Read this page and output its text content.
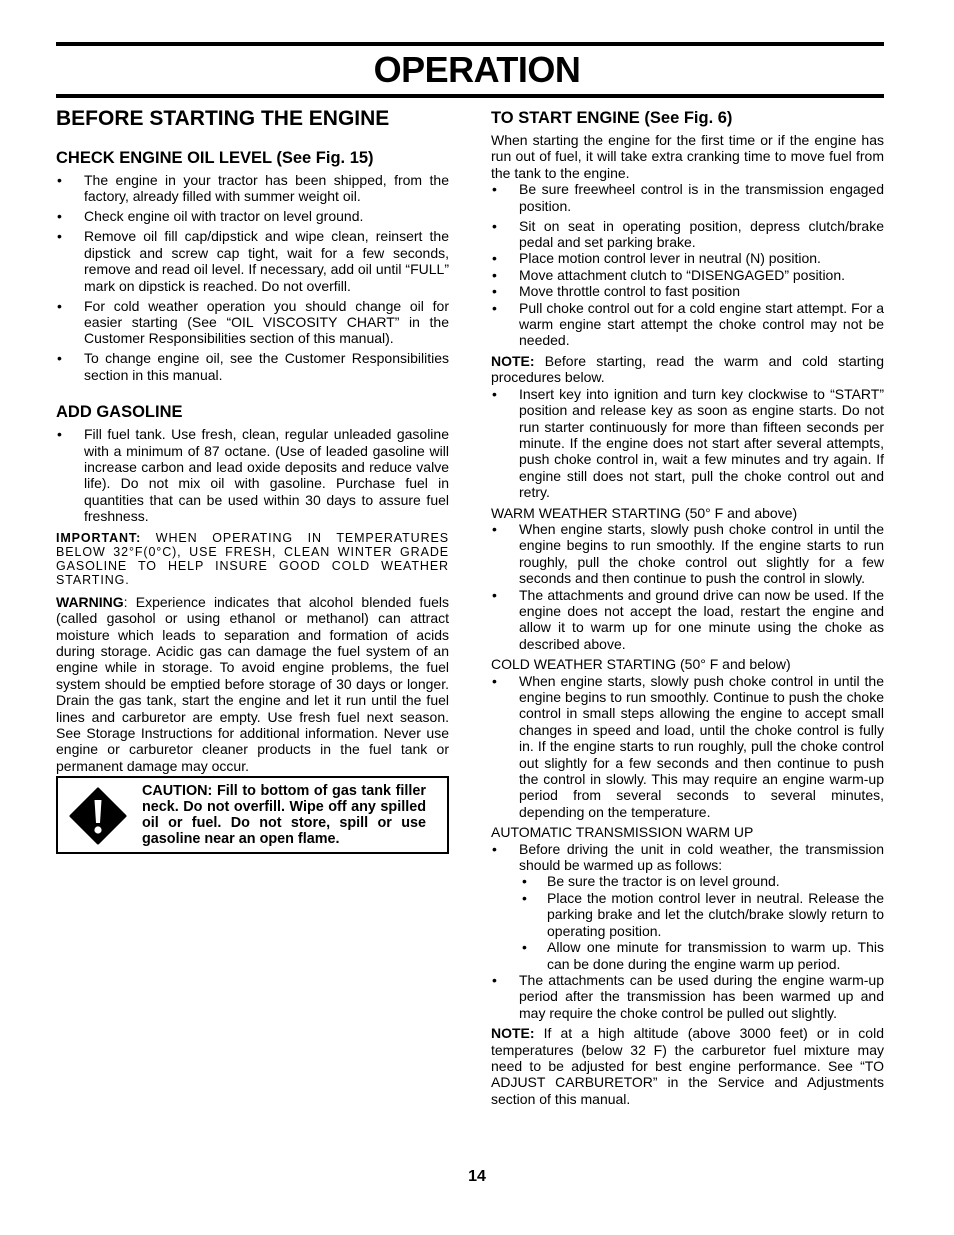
OPERATION
BEFORE STARTING THE ENGINE
CHECK ENGINE OIL LEVEL (See Fig. 15)
• The engine in your tractor has been shipped, from the factory, already filled with summer weight oil.
• Check engine oil with tractor on level ground.
• Remove oil fill cap/dipstick and wipe clean, reinsert the dipstick and screw cap tight, wait for a few seconds, remove and read oil level. If necessary, add oil until “FULL” mark on dipstick is reached. Do not overfill.
• For cold weather operation you should change oil for easier starting (See “OIL VISCOSITY CHART” in the Customer Responsibilities section of this manual).
• To change engine oil, see the Customer Responsibilities section in this manual.
ADD GASOLINE
• Fill fuel tank. Use fresh, clean, regular unleaded gasoline with a minimum of 87 octane. (Use of leaded gasoline will increase carbon and lead oxide deposits and reduce valve life). Do not mix oil with gasoline. Purchase fuel in quantities that can be used within 30 days to assure fuel freshness.

IMPORTANT: WHEN OPERATING IN TEMPERATURES BELOW 32°F(0°C), USE FRESH, CLEAN WINTER GRADE GASOLINE TO HELP INSURE GOOD COLD WEATHER STARTING.

WARNING: Experience indicates that alcohol blended fuels (called gasohol or using ethanol or methanol) can attract moisture which leads to separation and formation of acids during storage. Acidic gas can damage the fuel system of an engine while in storage. To avoid engine problems, the fuel system should be emptied before storage of 30 days or longer. Drain the gas tank, start the engine and let it run until the fuel lines and carburetor are empty. Use fresh fuel next season. See Storage Instructions for additional information. Never use engine or carburetor cleaner products in the fuel tank or permanent damage may occur.

CAUTION: Fill to bottom of gas tank filler neck. Do not overfill. Wipe off any spilled oil or fuel. Do not store, spill or use gasoline near an open flame.
TO START ENGINE (See Fig. 6)

When starting the engine for the first time or if the engine has run out of fuel, it will take extra cranking time to move fuel from the tank to the engine.

• Be sure freewheel control is in the transmission engaged position.
• Sit on seat in operating position, depress clutch/brake pedal and set parking brake.
• Place motion control lever in neutral (N) position.
• Move attachment clutch to “DISENGAGED” position.
• Move throttle control to fast position
• Pull choke control out for a cold engine start attempt. For a warm engine start attempt the choke control may not be needed.

NOTE: Before starting, read the warm and cold starting procedures below.

• Insert key into ignition and turn key clockwise to “START” position and release key as soon as engine starts. Do not run starter continuously for more than fifteen seconds per minute. If the engine does not start after several attempts, push choke control in, wait a few minutes and try again. If engine still does not start, pull the choke control out and retry.

WARM WEATHER STARTING (50° F and above)

• When engine starts, slowly push choke control in until the engine begins to run smoothly. If the engine starts to run roughly, pull the choke control out slightly for a few seconds and then continue to push the control in slowly.
• The attachments and ground drive can now be used. If the engine does not accept the load, restart the engine and allow it to warm up for one minute using the choke as described above.

COLD WEATHER STARTING (50° F and below)

• When engine starts, slowly push choke control in until the engine begins to run smoothly. Continue to push the choke control in small steps allowing the engine to accept small changes in speed and load, until the choke control is fully in. If the engine starts to run roughly, pull the choke control out slightly for a few seconds and then continue to push the control in slowly. This may require an engine warm-up period from several seconds to several minutes, depending on the temperature.

AUTOMATIC TRANSMISSION WARM UP

• Before driving the unit in cold weather, the transmission should be warmed up as follows:
• Be sure the tractor is on level ground.
• Place the motion control lever in neutral. Release the parking brake and let the clutch/brake slowly return to operating position.
• Allow one minute for transmission to warm up. This can be done during the engine warm up period.
• The attachments can be used during the engine warm-up period after the transmission has been warmed up and may require the choke control be pulled out slightly.

NOTE: If at a high altitude (above 3000 feet) or in cold temperatures (below 32 F) the carburetor fuel mixture may need to be adjusted for best engine performance. See “TO ADJUST CARBURETOR” in the Service and Adjustments section of this manual.

14
